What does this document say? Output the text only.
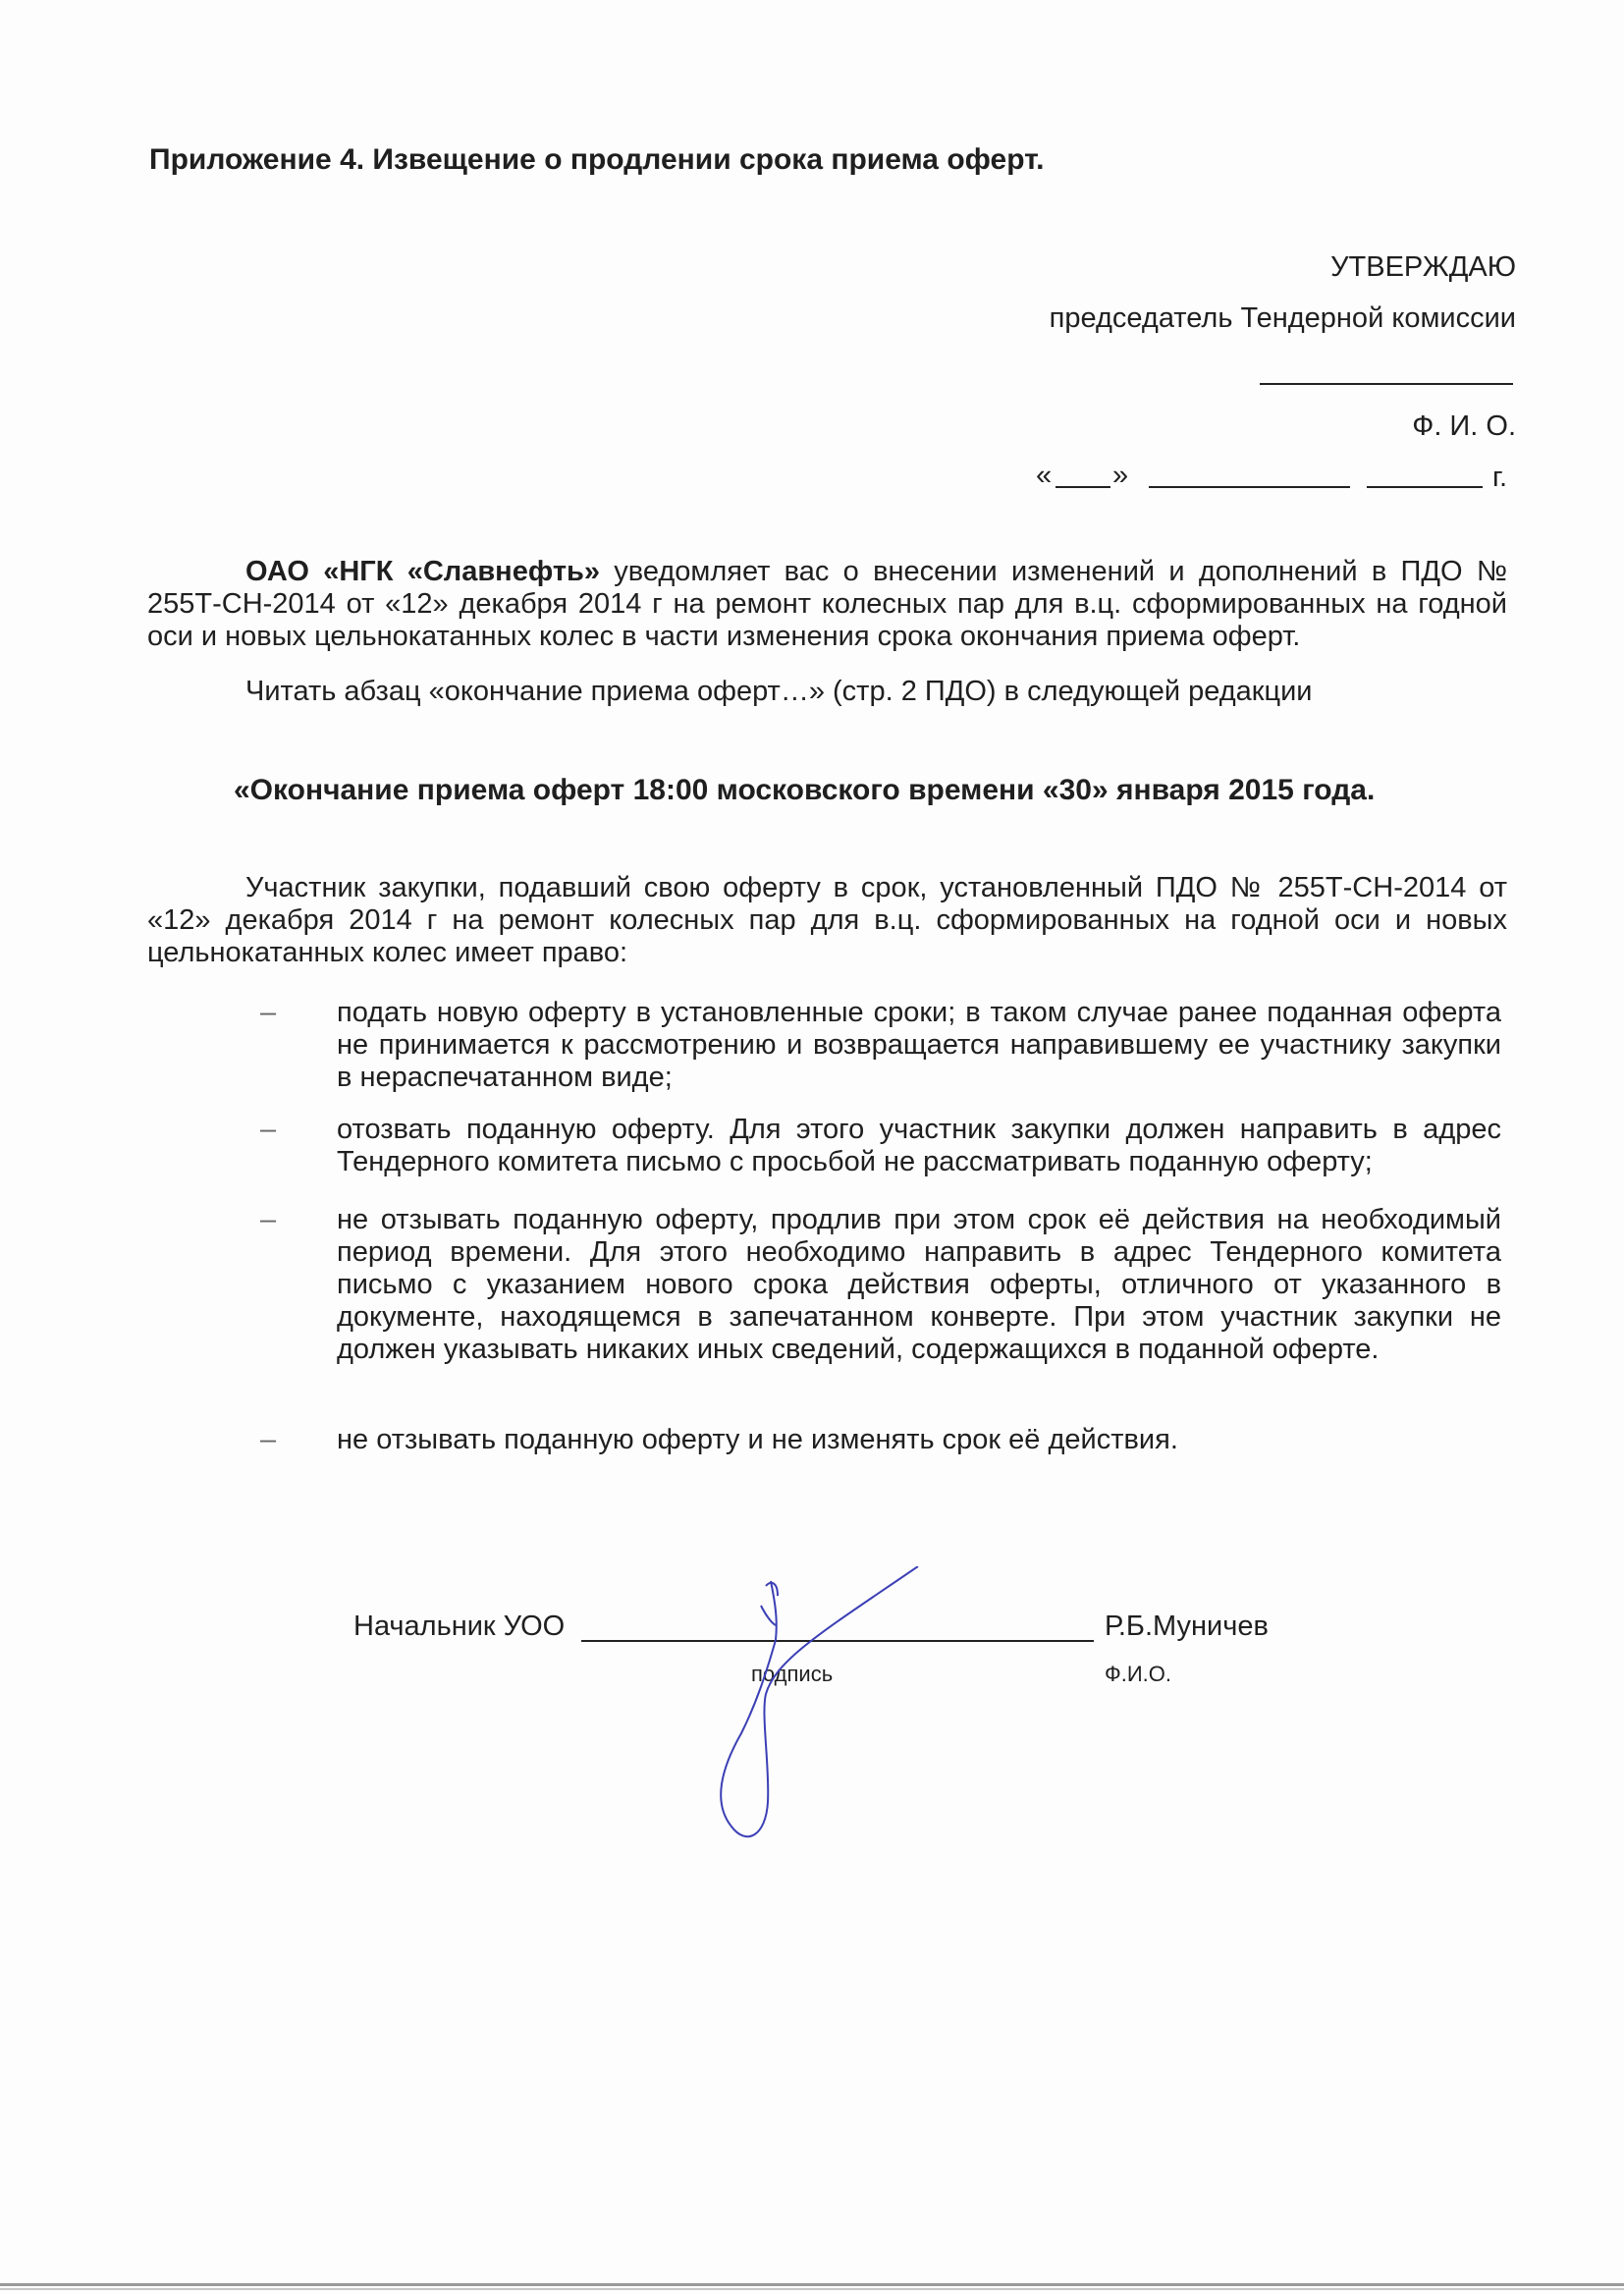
Приложение 4. Извещение о продлении срока приема оферт.
УТВЕРЖДАЮ
председатель Тендерной комиссии
Ф. И. О.
« »	г.
ОАО «НГК «Славнефть» уведомляет вас о внесении изменений и дополнений в ПДО № 255Т-СН-2014 от «12» декабря 2014 г на ремонт колесных пар для в.ц. сформированных на годной оси и новых цельнокатанных колес в части изменения срока окончания приема оферт.
Читать абзац «окончание приема оферт…» (стр. 2 ПДО) в следующей редакции
«Окончание приема оферт 18:00 московского времени «30» января 2015 года.
Участник закупки, подавший свою оферту в срок, установленный ПДО № 255Т-СН-2014 от «12» декабря 2014 г на ремонт колесных пар для в.ц. сформированных на годной оси и новых цельнокатанных колес имеет право:
– подать новую оферту в установленные сроки; в таком случае ранее поданная оферта не принимается к рассмотрению и возвращается направившему ее участнику закупки в нераспечатанном виде;
– отозвать поданную оферту. Для этого участник закупки должен направить в адрес Тендерного комитета письмо с просьбой не рассматривать поданную оферту;
– не отзывать поданную оферту, продлив при этом срок её действия на необходимый период времени. Для этого необходимо направить в адрес Тендерного комитета письмо с указанием нового срока действия оферты, отличного от указанного в документе, находящемся в запечатанном конверте. При этом участник закупки не должен указывать никаких иных сведений, содержащихся в поданной оферте.
– не отзывать поданную оферту и не изменять срок её действия.
Начальник УОО	Р.Б.Муничев
подпись	Ф.И.О.
